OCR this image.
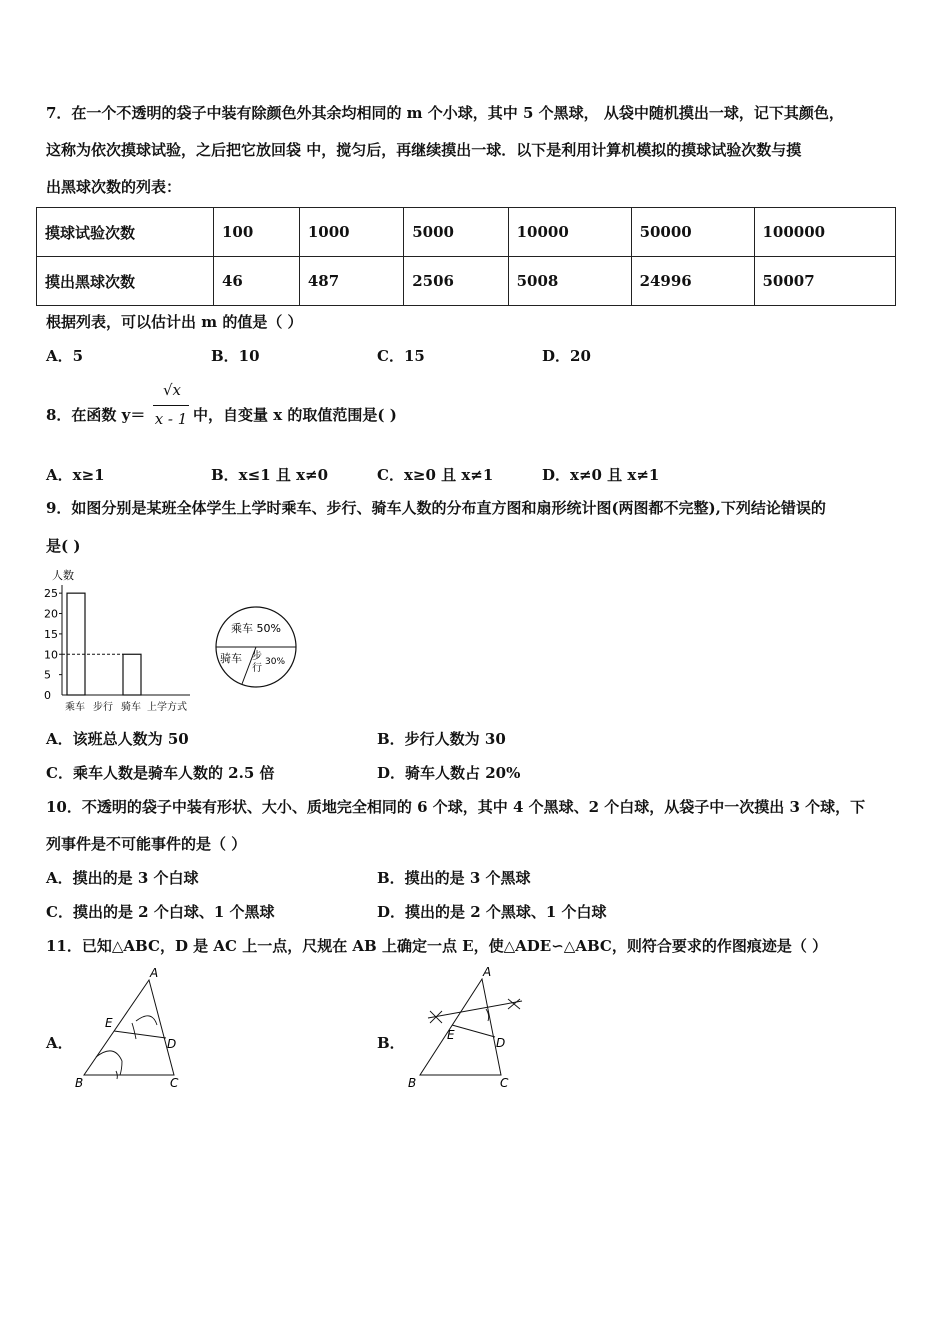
7．在一个不透明的袋子中装有除颜色外其余均相同的 m 个小球，其中 5 个黑球， 从袋中随机摸出一球，记下其颜色，
这称为依次摸球试验，之后把它放回袋 中，搅匀后，再继续摸出一球．以下是利用计算机模拟的摸球试验次数与摸
出黑球次数的列表：
摸球试验次数	100	1000	5000	10000	50000	100000
摸出黑球次数	46	487	2506	5008	24996	50007
根据列表，可以估计出 m 的值是（ ）
A．5	B．10	C．15	D．20
8．在函数 y＝
√x
x - 1 中，自变量 x 的取值范围是( )
A．x≥1	B．x≤1 且 x≠0	C．x≥0 且 x≠1	D．x≠0 且 x≠1
9．如图分别是某班全体学生上学时乘车、步行、骑车人数的分布直方图和扇形统计图(两图都不完整),下列结论错误的
是( )
人数
0
5
10
15
20
25
乘车 步行 骑车 上学方式
乘车 50%
骑车 步
行
30%
A．该班总人数为 50	B．步行人数为 30
C．乘车人数是骑车人数的 2.5 倍	D．骑车人数占 20%
10．不透明的袋子中装有形状、大小、质地完全相同的 6 个球，其中 4 个黑球、2 个白球，从袋子中一次摸出 3 个球，下
列事件是不可能事件的是（ ）
A．摸出的是 3 个白球	B．摸出的是 3 个黑球
C．摸出的是 2 个白球、1 个黑球	D．摸出的是 2 个黑球、1 个白球
11．已知△ABC，D 是 AC 上一点，尺规在 AB 上确定一点 E，使△ADE∽△ABC，则符合要求的作图痕迹是（ ）
A．	B．
A
B	C
D
E
A
B	C
D
E
